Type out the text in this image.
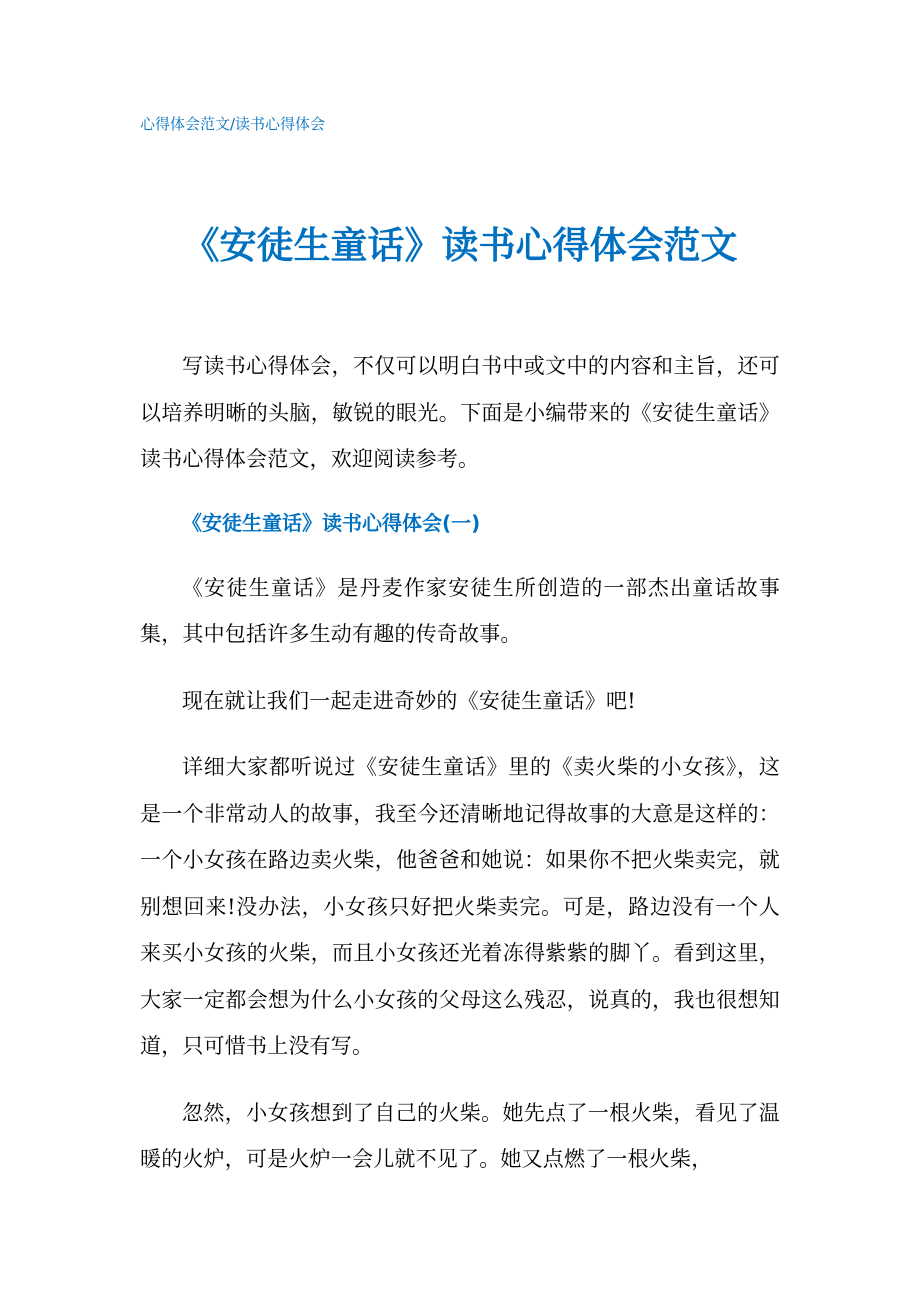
心得体会范文/读书心得体会
《安徒生童话》读书心得体会范文

写读书心得体会，不仅可以明白书中或文中的内容和主旨，还可以培养明晰的头脑，敏锐的眼光。下面是小编带来的《安徒生童话》读书心得体会范文，欢迎阅读参考。

《安徒生童话》读书心得体会(一)

《安徒生童话》是丹麦作家安徒生所创造的一部杰出童话故事集，其中包括许多生动有趣的传奇故事。

现在就让我们一起走进奇妙的《安徒生童话》吧!

详细大家都听说过《安徒生童话》里的《卖火柴的小女孩》，这是一个非常动人的故事，我至今还清晰地记得故事的大意是这样的：一个小女孩在路边卖火柴，他爸爸和她说：如果你不把火柴卖完，就别想回来!没办法，小女孩只好把火柴卖完。可是，路边没有一个人来买小女孩的火柴，而且小女孩还光着冻得紫紫的脚丫。看到这里，大家一定都会想为什么小女孩的父母这么残忍，说真的，我也很想知道，只可惜书上没有写。

忽然，小女孩想到了自己的火柴。她先点了一根火柴，看见了温暖的火炉，可是火炉一会儿就不见了。她又点燃了一根火柴，
